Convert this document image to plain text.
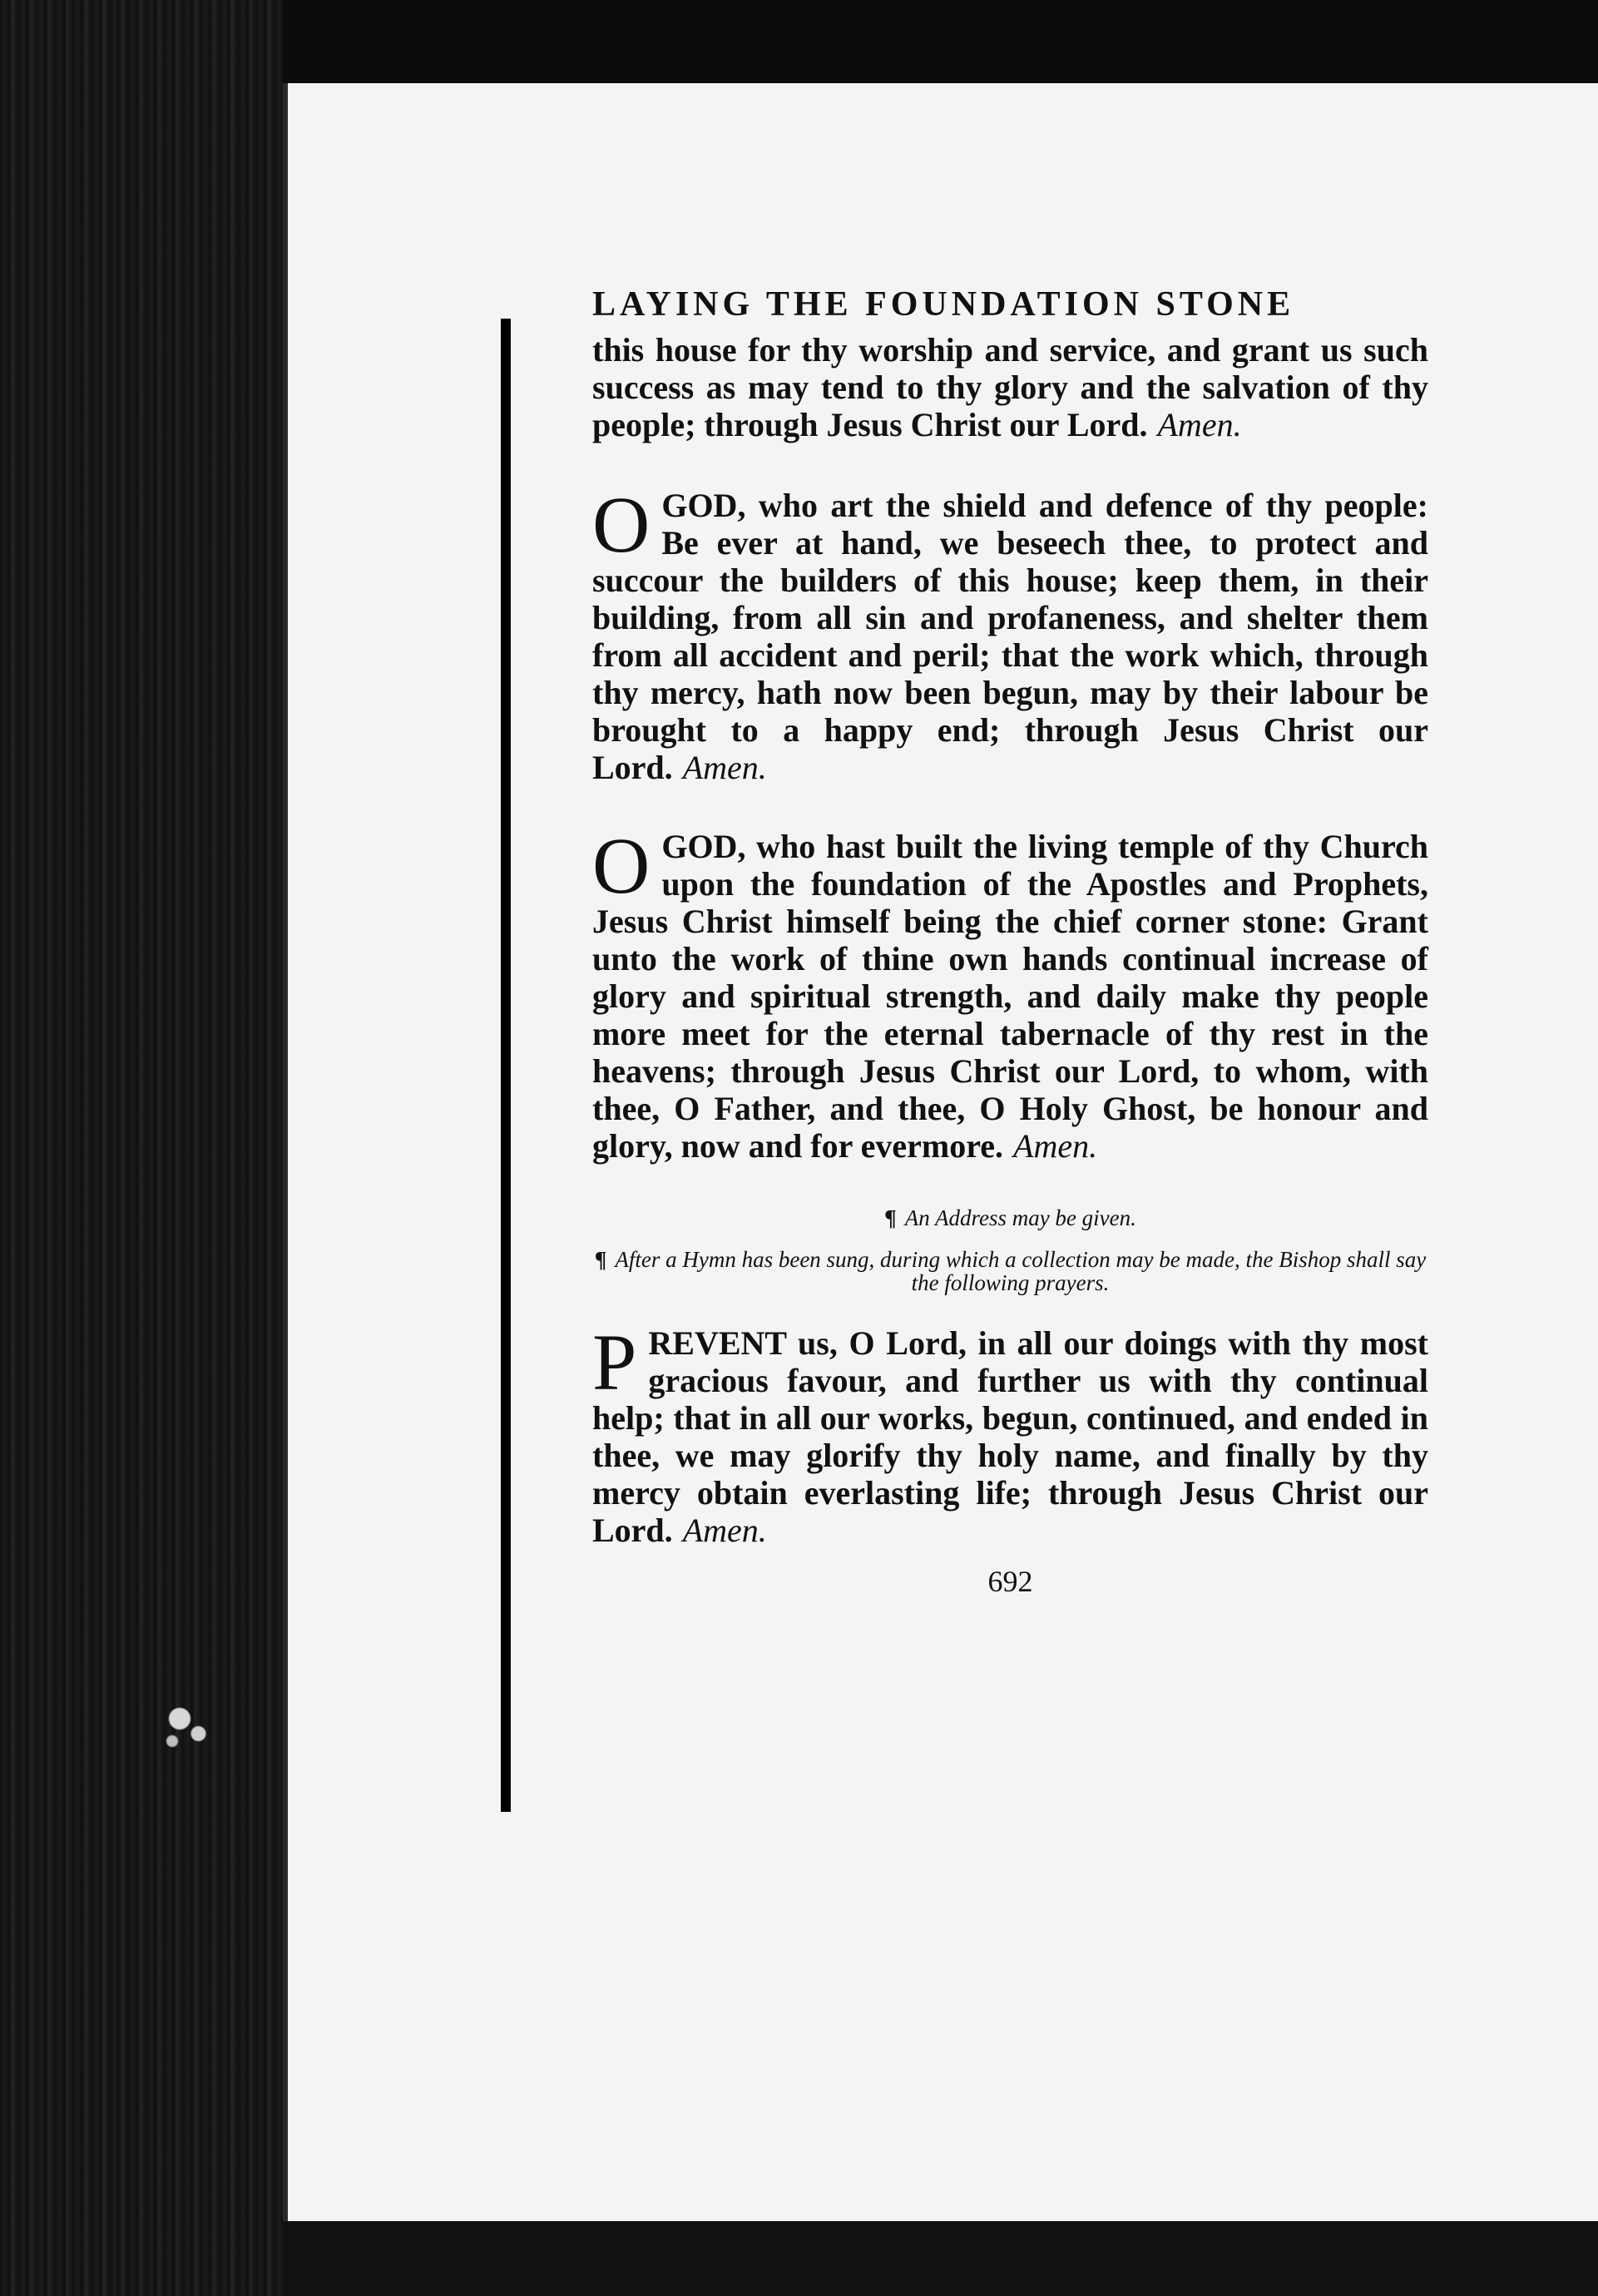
LAYING THE FOUNDATION STONE

this house for thy worship and service, and grant us such success as may tend to thy glory and the salvation of thy people; through Jesus Christ our Lord. Amen.

OGOD, who art the shield and defence of thy people: Be ever at hand, we beseech thee, to protect and succour the builders of this house; keep them, in their building, from all sin and profaneness, and shelter them from all accident and peril; that the work which, through thy mercy, hath now been begun, may by their labour be brought to a happy end; through Jesus Christ our Lord. Amen.

OGOD, who hast built the living temple of thy Church upon the foundation of the Apostles and Prophets, Jesus Christ himself being the chief corner stone: Grant unto the work of thine own hands continual increase of glory and spiritual strength, and daily make thy people more meet for the eternal tabernacle of thy rest in the heavens; through Jesus Christ our Lord, to whom, with thee, O Father, and thee, O Holy Ghost, be honour and glory, now and for evermore. Amen.

¶ An Address may be given.

¶ After a Hymn has been sung, during which a collection may be made, the Bishop shall say the following prayers.

PREVENT us, O Lord, in all our doings with thy most gracious favour, and further us with thy continual help; that in all our works, begun, continued, and ended in thee, we may glorify thy holy name, and finally by thy mercy obtain everlasting life; through Jesus Christ our Lord. Amen.

692
